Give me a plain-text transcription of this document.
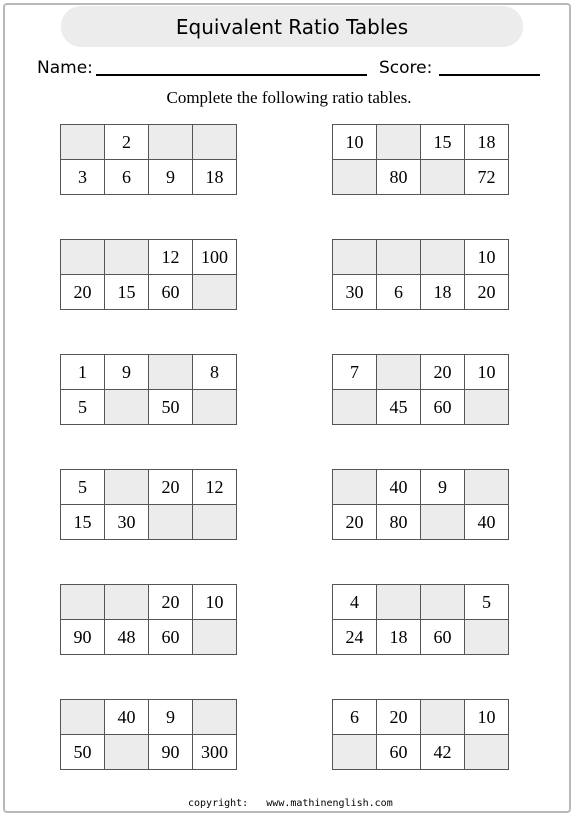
Equivalent Ratio Tables
Name:	Score:
Complete the following ratio tables.
	2		
3	6	9	18
10		15	18
	80		72
		12	100
20	15	60	
			10
30	6	18	20
1	9		8
5		50	
7		20	10
	45	60	
5		20	12
15	30		
	40	9	
20	80		40
		20	10
90	48	60	
4			5
24	18	60	
	40	9	
50		90	300
6	20		10
	60	42	
copyright: www.mathinenglish.com
